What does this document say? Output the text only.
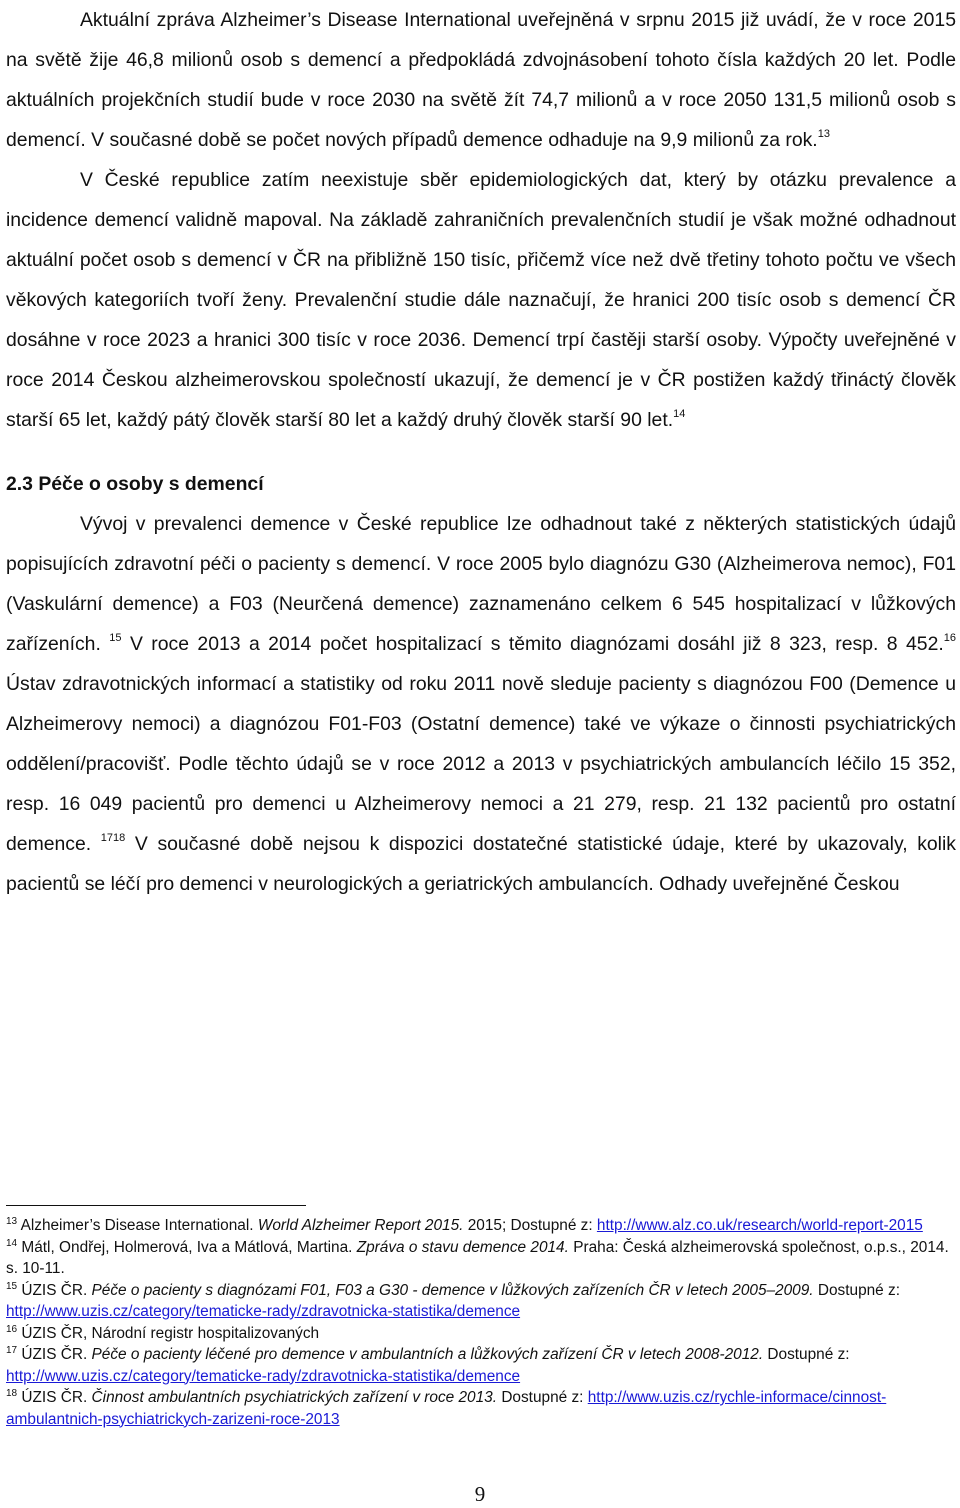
Aktuální zpráva Alzheimer’s Disease International uveřejněná v srpnu 2015 již uvádí, že v roce 2015 na světě žije 46,8 milionů osob s demencí a předpokládá zdvojnásobení tohoto čísla každých 20 let. Podle aktuálních projekčních studií bude v roce 2030 na světě žít 74,7 milionů a v roce 2050 131,5 milionů osob s demencí. V současné době se počet nových případů demence odhaduje na 9,9 milionů za rok.$^{13}$

V České republice zatím neexistuje sběr epidemiologických dat, který by otázku prevalence a incidence demencí validně mapoval. Na základě zahraničních prevalenčních studií je však možné odhadnout aktuální počet osob s demencí v ČR na přibližně 150 tisíc, přičemž více než dvě třetiny tohoto počtu ve všech věkových kategoriích tvoří ženy. Prevalenční studie dále naznačují, že hranici 200 tisíc osob s demencí ČR dosáhne v roce 2023 a hranici 300 tisíc v roce 2036. Demencí trpí častěji starší osoby. Výpočty uveřejněné v roce 2014 Českou alzheimerovskou společností ukazují, že demencí je v ČR postižen každý třináctý člověk starší 65 let, každý pátý člověk starší 80 let a každý druhý člověk starší 90 let.$^{14}$

2.3 Péče o osoby s demencí

Vývoj v prevalenci demence v České republice lze odhadnout také z některých statistických údajů popisujících zdravotní péči o pacienty s demencí. V roce 2005 bylo diagnózu G30 (Alzheimerova nemoc), F01 (Vaskulární demence) a F03 (Neurčená demence) zaznamenáno celkem 6 545 hospitalizací v lůžkových zařízeních. $^{15}$ V roce 2013 a 2014 počet hospitalizací s těmito diagnózami dosáhl již 8 323, resp. 8 452.16 Ústav zdravotnických informací a statistiky od roku 2011 nově sleduje pacienty s diagnózou F00 (Demence u Alzheimerovy nemoci) a diagnózou F01-F03 (Ostatní demence) také ve výkaze o činnosti psychiatrických oddělení/pracovišť. Podle těchto údajů se v roce 2012 a 2013 v psychiatrických ambulancích léčilo 15 352, resp. 16 049 pacientů pro demenci u Alzheimerovy nemoci a 21 279, resp. 21 132 pacientů pro ostatní demence. $^{1718}$ V současné době nejsou k dispozici dostatečné statistické údaje, které by ukazovaly, kolik pacientů se léčí pro demenci v neurologických a geriatrických ambulancích. Odhady uveřejněné Českou

$^{13}$ Alzheimer’s Disease International. World Alzheimer Report 2015. 2015; Dostupné z: http://www.alz.co.uk/research/world-report-2015

$^{14}$ Mátl, Ondřej, Holmerová, Iva a Mátlová, Martina. Zpráva o stavu demence 2014. Praha: Česká alzheimerovská společnost, o.p.s., 2014. s. 10-11.

$^{15}$ ÚZIS ČR. Péče o pacienty s diagnózami F01, F03 a G30 - demence v lůžkových zařízeních ČR v letech 2005–2009. Dostupné z: http://www.uzis.cz/category/tematicke-rady/zdravotnicka-statistika/demence

$^{16}$ ÚZIS ČR, Národní registr hospitalizovaných

$^{17}$ ÚZIS ČR. Péče o pacienty léčené pro demence v ambulantních a lůžkových zařízení ČR v letech 2008-2012. Dostupné z: http://www.uzis.cz/category/tematicke-rady/zdravotnicka-statistika/demence

$^{18}$ ÚZIS ČR. Činnost ambulantních psychiatrických zařízení v roce 2013. Dostupné z: http://www.uzis.cz/rychle-informace/cinnost-ambulantnich-psychiatrickych-zarizeni-roce-2013

9
